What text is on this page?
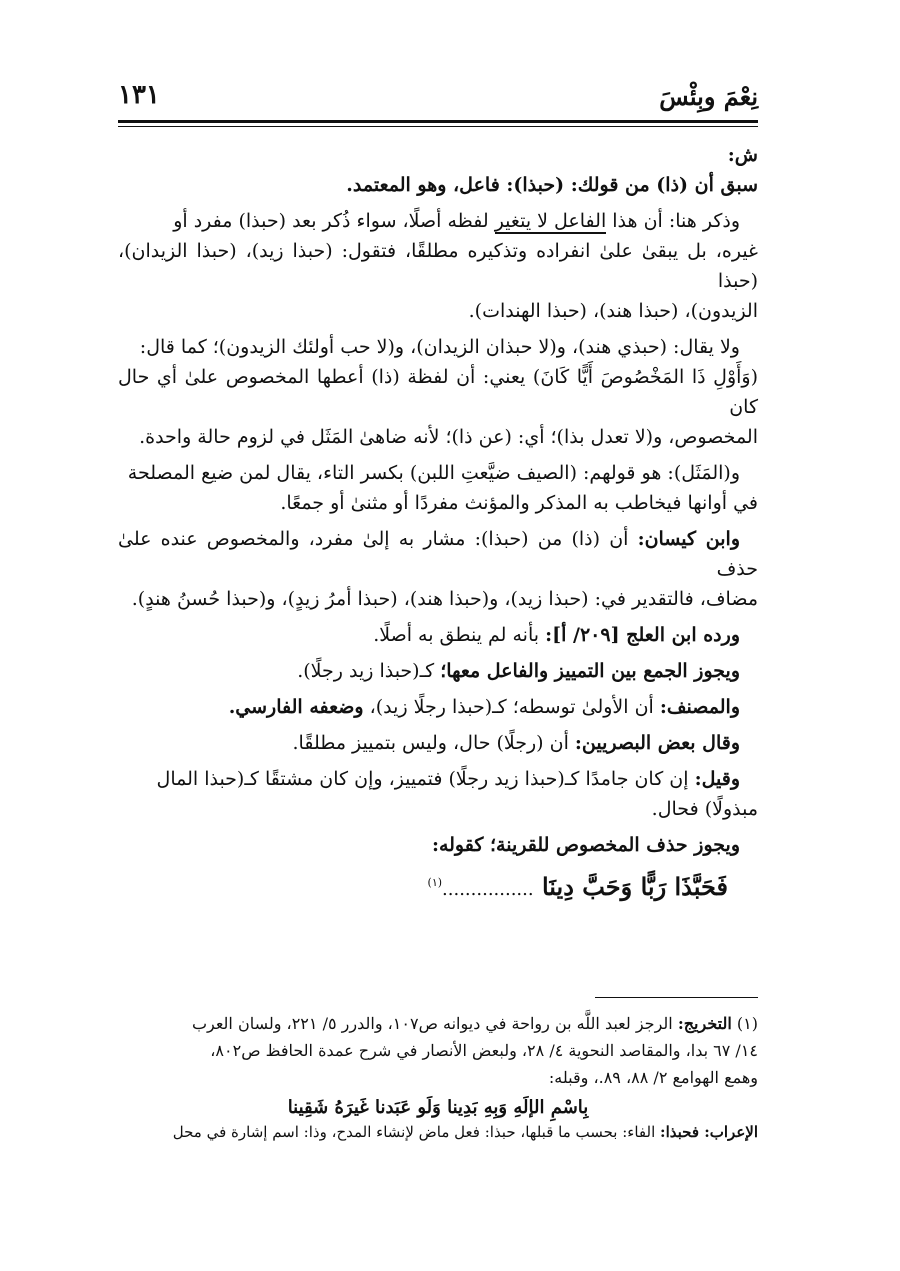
نِعْمَ وبِئْسَ
١٣١

ش:

سبق أن (ذا) من قولك: (حبذا): فاعل، وهو المعتمد.

وذكر هنا: أن هذا الفاعل لا يتغير لفظه أصلًا، سواء ذُكر بعد (حبذا) مفرد أو

غيره، بل يبقىٰ علىٰ انفراده وتذكيره مطلقًا، فتقول: (حبذا زيد)، (حبذا الزيدان)، (حبذا

الزيدون)، (حبذا هند)، (حبذا الهندات).

ولا يقال: (حبذي هند)، و(لا حبذان الزيدان)، و(لا حب أولئك الزيدون)؛ كما قال:

(وَأَوْلِ ذَا المَخْصُوصَ أَيًّا كَانَ) يعني: أن لفظة (ذا) أعطها المخصوص علىٰ أي حال كان

المخصوص، و(لا تعدل بذا)؛ أي: (عن ذا)؛ لأنه ضاهىٰ المَثَل في لزوم حالة واحدة.

و(المَثَل): هو قولهم: (الصيف ضيَّعتِ اللبن) بكسر التاء، يقال لمن ضيع المصلحة

في أوانها فيخاطب به المذكر والمؤنث مفردًا أو مثنىٰ أو جمعًا.

وابن كيسان: أن (ذا) من (حبذا): مشار به إلىٰ مفرد، والمخصوص عنده علىٰ حذف

مضاف، فالتقدير في: (حبذا زيد)، و(حبذا هند)، (حبذا أمرُ زيدٍ)، و(حبذا حُسنُ هندٍ).

ورده ابن العلج [٢٠٩/ أ]: بأنه لم ينطق به أصلًا.

ويجوز الجمع بين التمييز والفاعل معها؛ كـ(حبذا زيد رجلًا).

والمصنف: أن الأولىٰ توسطه؛ كـ(حبذا رجلًا زيد)، وضعفه الفارسي.

وقال بعض البصريين: أن (رجلًا) حال، وليس بتمييز مطلقًا.

وقيل: إن كان جامدًا كـ(حبذا زيد رجلًا) فتمييز، وإن كان مشتقًا كـ(حبذا المال

مبذولًا) فحال.

ويجوز حذف المخصوص للقرينة؛ كقوله:

فَحَبَّذَا رَبًّا وَحَبَّ دِينَا ................$^{(١)}$

(١) التخريج: الرجز لعبد اللَّه بن رواحة في ديوانه ص١٠٧، والدرر ٥/ ٢٢١، ولسان العرب

١٤/ ٦٧ بدا، والمقاصد النحوية ٤/ ٢٨، ولبعض الأنصار في شرح عمدة الحافظ ص٨٠٢،

وهمع الهوامع ٢/ ٨٨، ٨٩.، وقبله:

بِاسْمِ الإلَهِ وَبِهِ بَدِينا وَلَو عَبَدنا غَيرَهُ شَقِينا

الإعراب: فحبذا: الفاء: بحسب ما قبلها، حبذا: فعل ماض لإنشاء المدح، وذا: اسم إشارة في محل
